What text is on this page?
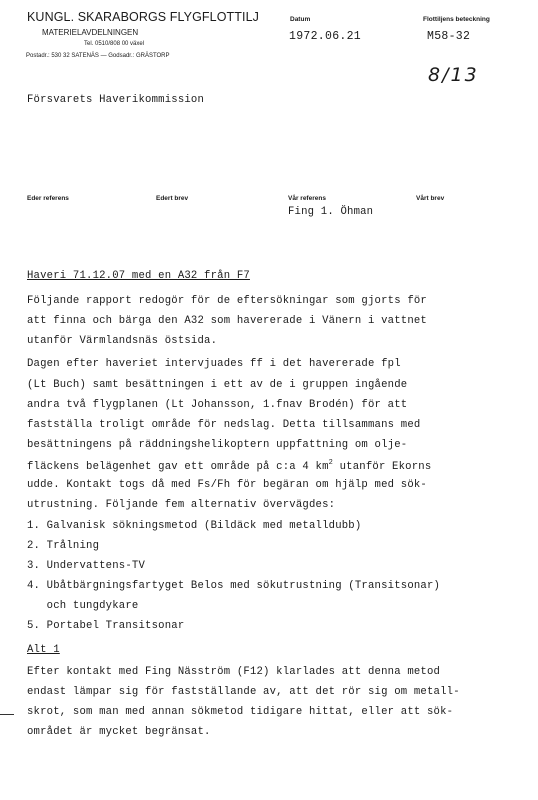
KUNGL. SKARABORGS FLYGFLOTTILJ
MATERIELAVDELNINGEN
Tel. 0510/808 00 växel
Postadr.: 530 32 SATENÄS — Godsadr.: GRÄSTORP
Datum
1972.06.21
Flottiljens beteckning
M58-32
8/13
Försvarets Haverikommission
Eder referens	Edert brev	Vår referens
Fing 1. Öhman
Vårt brev
Haveri 71.12.07 med en A32 från F7
Följande rapport redogör för de eftersökningar som gjorts för
att finna och bärga den A32 som havererade i Vänern i vattnet
utanför Värmlandsnäs östsida.
Dagen efter haveriet intervjuades ff i det havererade fpl
(Lt Buch) samt besättningen i ett av de i gruppen ingående
andra två flygplanen (Lt Johansson, 1.fnav Brodén) för att
fastställa troligt område för nedslag. Detta tillsammans med
besättningens på räddningshelikoptern uppfattning om olje-
fläckens belägenhet gav ett område på c:a 4 $km^2$ utanför Ekorns
udde. Kontakt togs då med Fs/Fh för begäran om hjälp med sök-
utrustning. Följande fem alternativ övervägdes:
1. Galvanisk sökningsmetod (Bildäck med metalldubb)
2. Trålning
3. Undervattens-TV
4. Ubåtbärgningsfartyget Belos med sökutrustning (Transitsonar)
och tungdykare
5. Portabel Transitsonar
Alt 1
Efter kontakt med Fing Näsström (F12) klarlades att denna metod
endast lämpar sig för fastställande av, att det rör sig om metall-
skrot, som man med annan sökmetod tidigare hittat, eller att sök-
området är mycket begränsat.
